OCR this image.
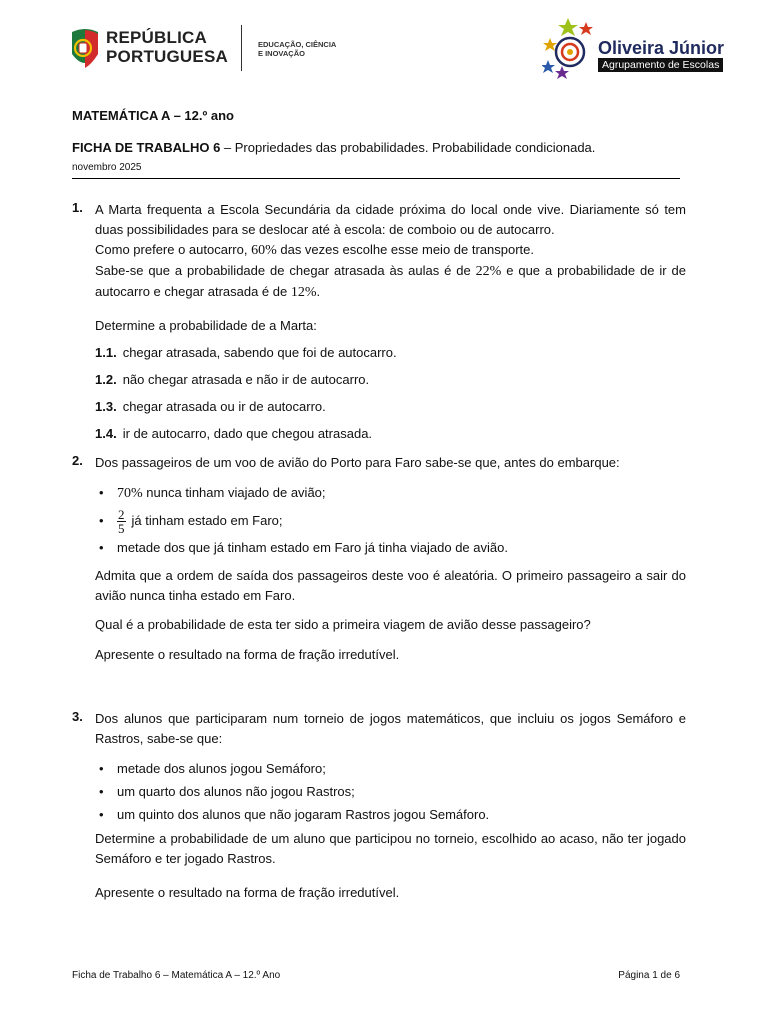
REPÚBLICA
PORTUGUESA
EDUCAÇÃO, CIÊNCIA
E INOVAÇÃO	Oliveira Júnior
Agrupamento de Escolas
MATEMÁTICA A – 12.º ano
FICHA DE TRABALHO 6 – Propriedades das probabilidades. Probabilidade condicionada.
novembro 2025
1. A Marta frequenta a Escola Secundária da cidade próxima do local onde vive. Diariamente só tem duas possibilidades para se deslocar até à escola: de comboio ou de autocarro.

Como prefere o autocarro, 60% das vezes escolhe esse meio de transporte.

Sabe-se que a probabilidade de chegar atrasada às aulas é de 22% e que a probabilidade de ir de autocarro e chegar atrasada é de 12%.

Determine a probabilidade de a Marta:

1.1. chegar atrasada, sabendo que foi de autocarro.
1.2. não chegar atrasada e não ir de autocarro.
1.3. chegar atrasada ou ir de autocarro.
1.4. ir de autocarro, dado que chegou atrasada.
2. Dos passageiros de um voo de avião do Porto para Faro sabe-se que, antes do embarque:

• 70% nunca tinham viajado de avião;
• $\frac{2}{5}$ já tinham estado em Faro;
• metade dos que já tinham estado em Faro já tinha viajado de avião.

Admita que a ordem de saída dos passageiros deste voo é aleatória. O primeiro passageiro a sair do avião nunca tinha estado em Faro.

Qual é a probabilidade de esta ter sido a primeira viagem de avião desse passageiro?

Apresente o resultado na forma de fração irredutível.

3. Dos alunos que participaram num torneio de jogos matemáticos, que incluiu os jogos Semáforo e Rastros, sabe-se que:

• metade dos alunos jogou Semáforo;
• um quarto dos alunos não jogou Rastros;
• um quinto dos alunos que não jogaram Rastros jogou Semáforo.

Determine a probabilidade de um aluno que participou no torneio, escolhido ao acaso, não ter jogado Semáforo e ter jogado Rastros.

Apresente o resultado na forma de fração irredutível.

Ficha de Trabalho 6 – Matemática A – 12.º Ano	Página 1 de 6
